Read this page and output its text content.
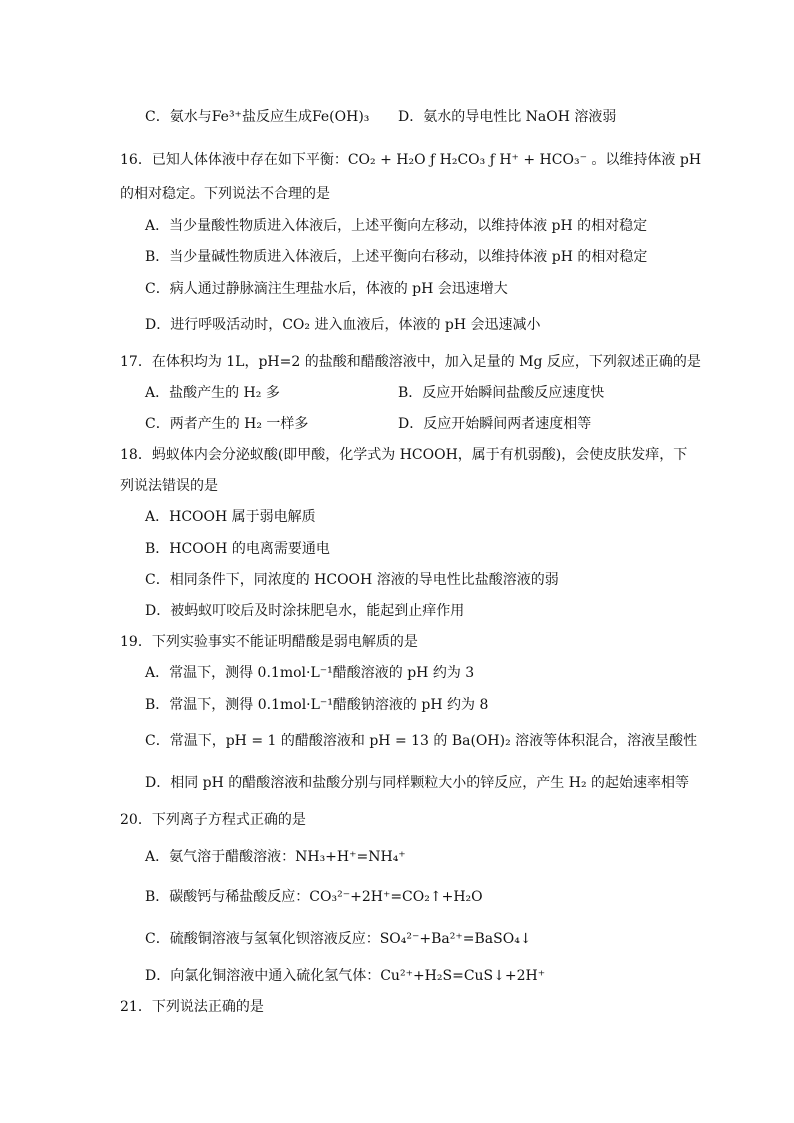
C．氨水与Fe³⁺盐反应生成Fe(OH)₃ D．氨水的导电性比 NaOH 溶液弱
16．已知人体体液中存在如下平衡：CO₂ + H₂O ƒ H₂CO₃ ƒ H⁺ + HCO₃⁻ 。以维持体液 pH
的相对稳定。下列说法不合理的是
A．当少量酸性物质进入体液后，上述平衡向左移动，以维持体液 pH 的相对稳定
B．当少量碱性物质进入体液后，上述平衡向右移动，以维持体液 pH 的相对稳定
C．病人通过静脉滴注生理盐水后，体液的 pH 会迅速增大
D．进行呼吸活动时，CO₂ 进入血液后，体液的 pH 会迅速减小
17．在体积均为 1L，pH=2 的盐酸和醋酸溶液中，加入足量的 Mg 反应，下列叙述正确的是
A．盐酸产生的 H₂ 多	B．反应开始瞬间盐酸反应速度快
C．两者产生的 H₂ 一样多	D．反应开始瞬间两者速度相等
18．蚂蚁体内会分泌蚁酸(即甲酸，化学式为 HCOOH，属于有机弱酸)，会使皮肤发痒，下
列说法错误的是
A．HCOOH 属于弱电解质
B．HCOOH 的电离需要通电
C．相同条件下，同浓度的 HCOOH 溶液的导电性比盐酸溶液的弱
D．被蚂蚁叮咬后及时涂抹肥皂水，能起到止痒作用
19．下列实验事实不能证明醋酸是弱电解质的是
A．常温下，测得 0.1mol·L⁻¹醋酸溶液的 pH 约为 3
B．常温下，测得 0.1mol·L⁻¹醋酸钠溶液的 pH 约为 8
C．常温下，pH = 1 的醋酸溶液和 pH = 13 的 Ba(OH)₂ 溶液等体积混合，溶液呈酸性
D．相同 pH 的醋酸溶液和盐酸分别与同样颗粒大小的锌反应，产生 H₂ 的起始速率相等
20．下列离子方程式正确的是
A．氨气溶于醋酸溶液：NH₃+H⁺=NH₄⁺
B．碳酸钙与稀盐酸反应：CO₃²⁻+2H⁺=CO₂↑+H₂O
C．硫酸铜溶液与氢氧化钡溶液反应：SO₄²⁻+Ba²⁺=BaSO₄↓
D．向氯化铜溶液中通入硫化氢气体：Cu²⁺+H₂S=CuS↓+2H⁺
21．下列说法正确的是
